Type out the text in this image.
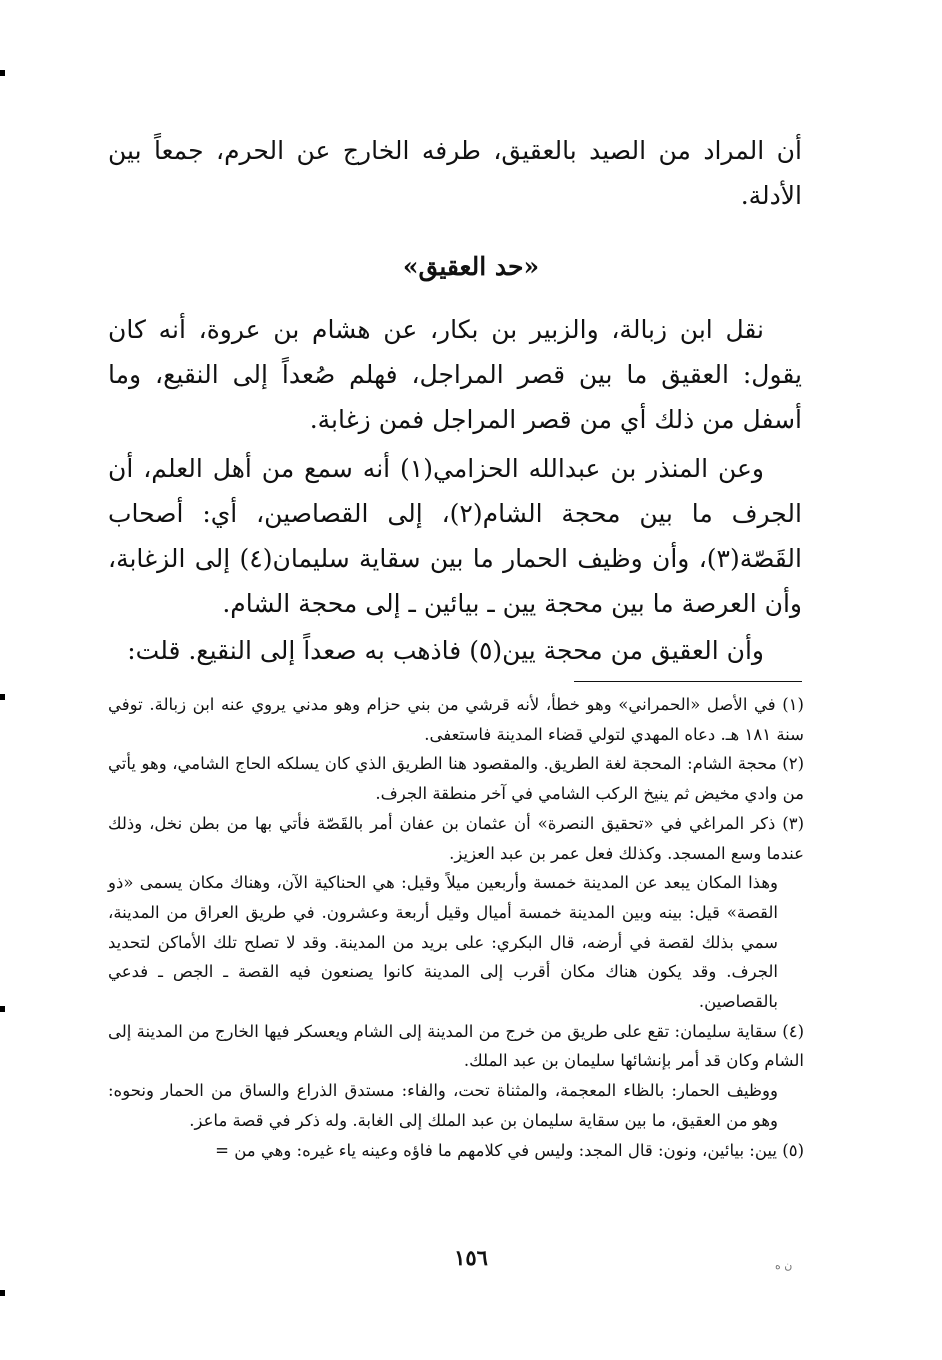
أن المراد من الصيد بالعقيق، طرفه الخارج عن الحرم، جمعاً بين الأدلة.

«حد العقيق»

نقل ابن زبالة، والزبير بن بكار، عن هشام بن عروة، أنه كان يقول: العقيق ما بين قصر المراجل، فهلم صُعداً إلى النقيع، وما أسفل من ذلك أي من قصر المراجل فمن زغابة.

وعن المنذر بن عبدالله الحزامي(١) أنه سمع من أهل العلم، أن الجرف ما بين محجة الشام(٢)، إلى القصاصين، أي: أصحاب القَصّة(٣)، وأن وظيف الحمار ما بين سقاية سليمان(٤) إلى الزغابة، وأن العرصة ما بين محجة يين ـ بيائين ـ إلى محجة الشام.

وأن العقيق من محجة يين(٥) فاذهب به صعداً إلى النقيع. قلت:

(١) في الأصل «الحمراني» وهو خطأ، لأنه قرشي من بني حزام وهو مدني يروي عنه ابن زبالة. توفي سنة ١٨١ هـ. دعاه المهدي لتولي قضاء المدينة فاستعفى.

(٢) محجة الشام: المحجة لغة الطريق. والمقصود هنا الطريق الذي كان يسلكه الحاج الشامي، وهو يأتي من وادي مخيض ثم ينيخ الركب الشامي في آخر منطقة الجرف.

(٣) ذكر المراغي في «تحقيق النصرة» أن عثمان بن عفان أمر بالقَصّة فأتي بها من بطن نخل، وذلك عندما وسع المسجد. وكذلك فعل عمر بن عبد العزيز.

وهذا المكان يبعد عن المدينة خمسة وأربعين ميلاً وقيل: هي الحناكية الآن، وهناك مكان يسمى «ذو القصة» قيل: بينه وبين المدينة خمسة أميال وقيل أربعة وعشرون. في طريق العراق من المدينة، سمي بذلك لقصة في أرضه، قال البكري: على بريد من المدينة. وقد لا تصلح تلك الأماكن لتحديد الجرف. وقد يكون هناك مكان أقرب إلى المدينة كانوا يصنعون فيه القصة ـ الجص ـ فدعي بالقصاصين.

(٤) سقاية سليمان: تقع على طريق من خرج من المدينة إلى الشام ويعسكر فيها الخارج من المدينة إلى الشام وكان قد أمر بإنشائها سليمان بن عبد الملك.

ووظيف الحمار: بالظاء المعجمة، والمثناة تحت، والفاء: مستدق الذراع والساق من الحمار ونحوه: وهو من العقيق، ما بين سقاية سليمان بن عبد الملك إلى الغابة. وله ذكر في قصة ماعز.

(٥) يين: بيائين، ونون: قال المجد: وليس في كلامهم ما فاؤه وعينه ياء غيره: وهي من =

١٥٦	ﻥ ﻩ
